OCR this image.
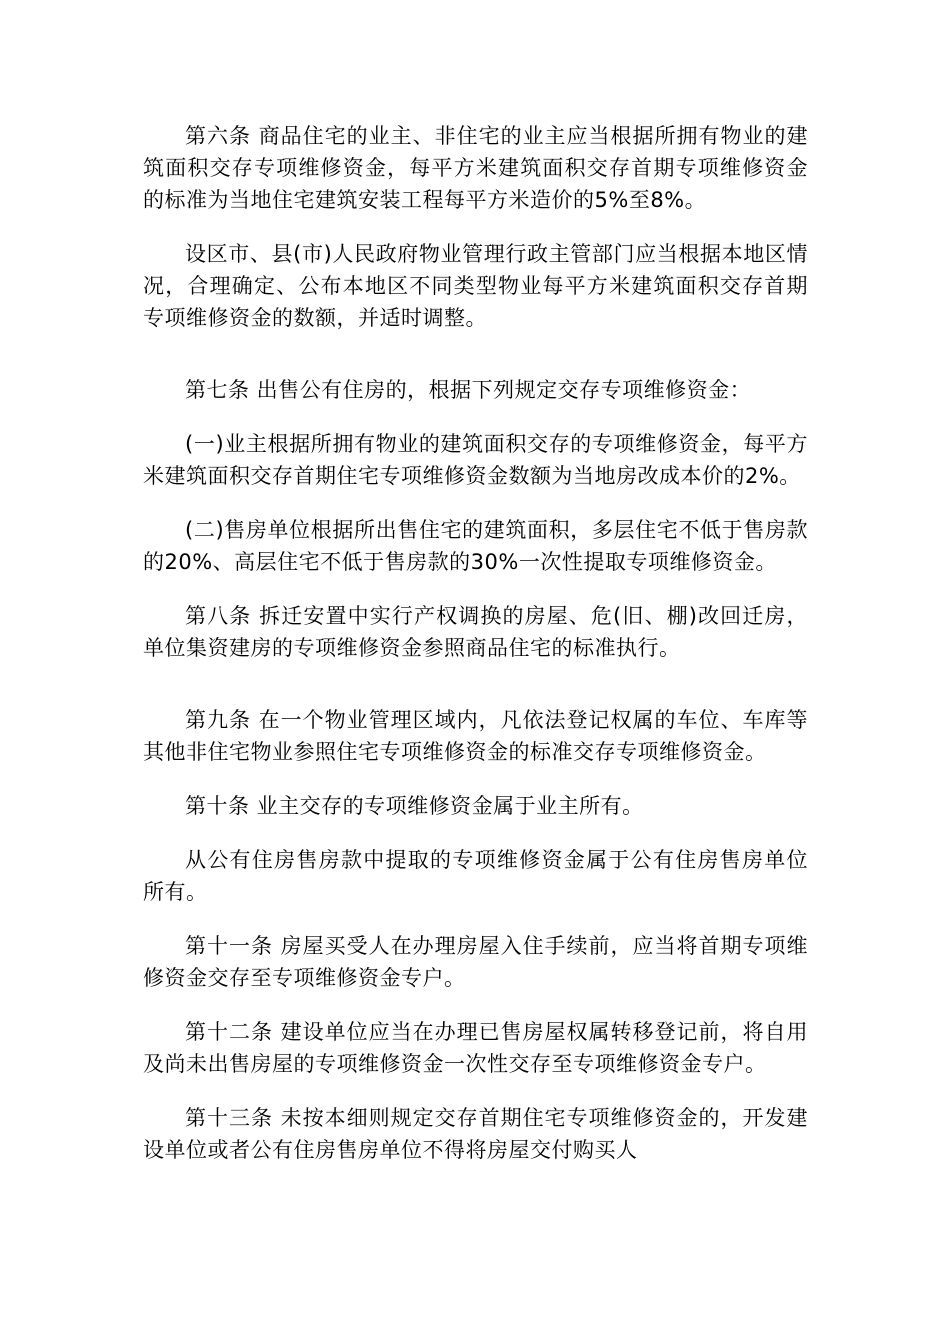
第六条 商品住宅的业主、非住宅的业主应当根据所拥有物业的建筑面积交存专项维修资金，每平方米建筑面积交存首期专项维修资金的标准为当地住宅建筑安装工程每平方米造价的5%至8%。

设区市、县(市)人民政府物业管理行政主管部门应当根据本地区情况，合理确定、公布本地区不同类型物业每平方米建筑面积交存首期专项维修资金的数额，并适时调整。

第七条 出售公有住房的，根据下列规定交存专项维修资金：

(一)业主根据所拥有物业的建筑面积交存的专项维修资金，每平方米建筑面积交存首期住宅专项维修资金数额为当地房改成本价的2%。

(二)售房单位根据所出售住宅的建筑面积，多层住宅不低于售房款的20%、高层住宅不低于售房款的30%一次性提取专项维修资金。

第八条 拆迁安置中实行产权调换的房屋、危(旧、棚)改回迁房，单位集资建房的专项维修资金参照商品住宅的标准执行。

第九条 在一个物业管理区域内，凡依法登记权属的车位、车库等其他非住宅物业参照住宅专项维修资金的标准交存专项维修资金。

第十条 业主交存的专项维修资金属于业主所有。

从公有住房售房款中提取的专项维修资金属于公有住房售房单位所有。

第十一条 房屋买受人在办理房屋入住手续前，应当将首期专项维修资金交存至专项维修资金专户。

第十二条 建设单位应当在办理已售房屋权属转移登记前，将自用及尚未出售房屋的专项维修资金一次性交存至专项维修资金专户。

第十三条 未按本细则规定交存首期住宅专项维修资金的，开发建设单位或者公有住房售房单位不得将房屋交付购买人
